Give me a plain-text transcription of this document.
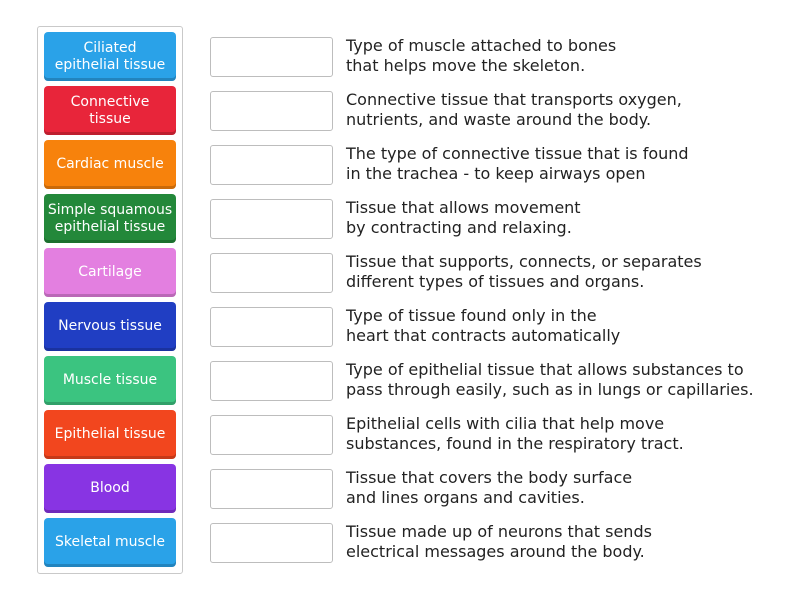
Ciliated
epithelial tissue
Connective
tissue
Cardiac muscle
Simple squamous
epithelial tissue
Cartilage
Nervous tissue
Muscle tissue
Epithelial tissue
Blood
Skeletal muscle
Type of muscle attached to bones
that helps move the skeleton.
Connective tissue that transports oxygen,
nutrients, and waste around the body.
The type of connective tissue that is found
in the trachea - to keep airways open
Tissue that allows movement
by contracting and relaxing.
Tissue that supports, connects, or separates
different types of tissues and organs.
Type of tissue found only in the
heart that contracts automatically
Type of epithelial tissue that allows substances to
pass through easily, such as in lungs or capillaries.
Epithelial cells with cilia that help move
substances, found in the respiratory tract.
Tissue that covers the body surface
and lines organs and cavities.
Tissue made up of neurons that sends
electrical messages around the body.
